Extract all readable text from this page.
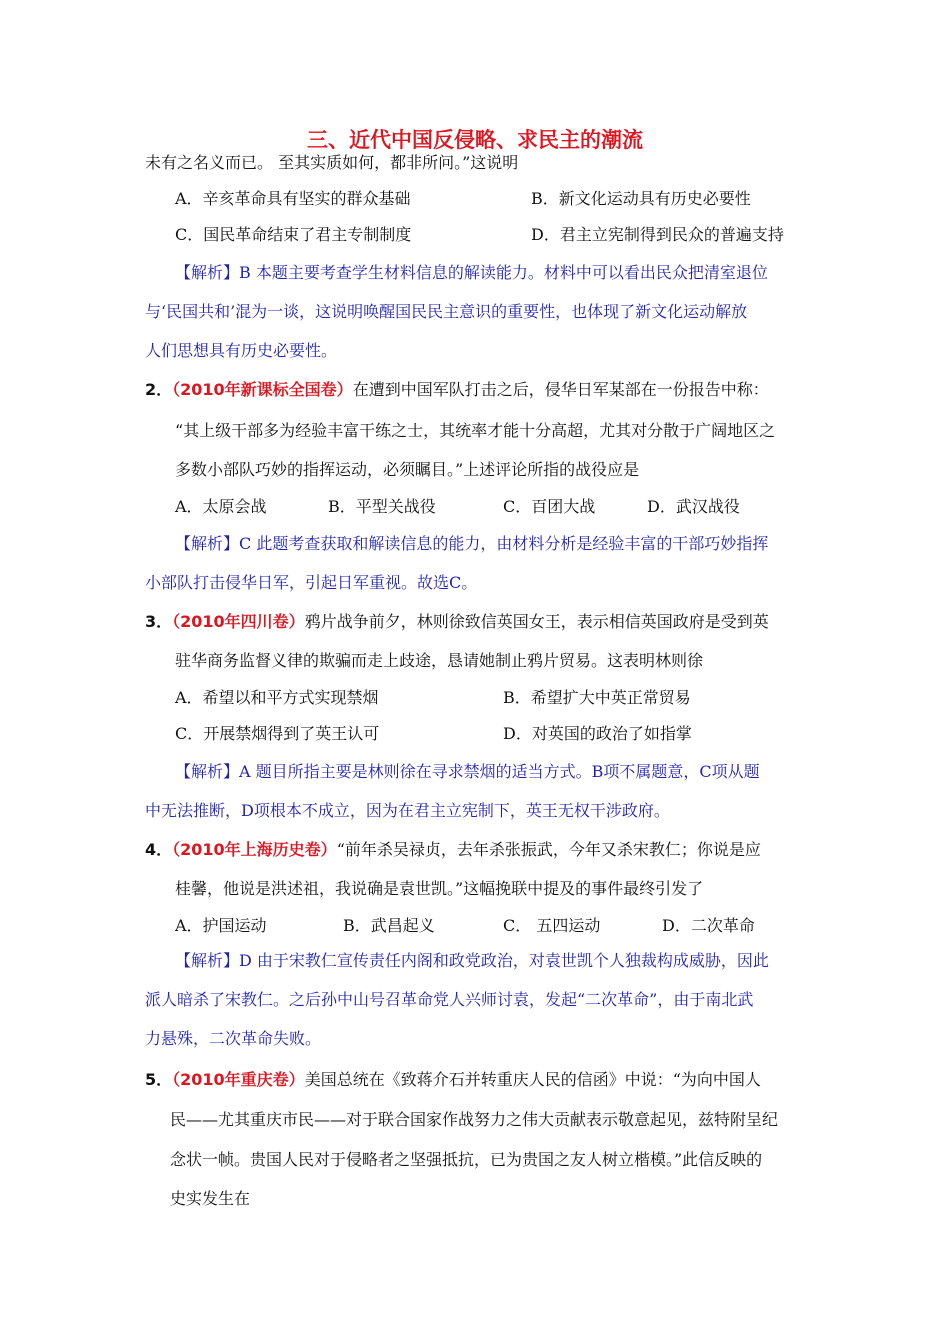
三、近代中国反侵略、求民主的潮流
未有之名义而已。 至其实质如何，都非所问。”这说明
A．辛亥革命具有坚实的群众基础	B．新文化运动具有历史必要性
C．国民革命结束了君主专制制度	D．君主立宪制得到民众的普遍支持
【解析】B 本题主要考查学生材料信息的解读能力。材料中可以看出民众把清室退位
与‘民国共和’混为一谈，这说明唤醒国民民主意识的重要性，也体现了新文化运动解放
人们思想具有历史必要性。
2．（2010年新课标全国卷）在遭到中国军队打击之后，侵华日军某部在一份报告中称：
“其上级干部多为经验丰富干练之士，其统率才能十分高超，尤其对分散于广阔地区之
多数小部队巧妙的指挥运动，必须瞩目。”上述评论所指的战役应是
A．太原会战	B．平型关战役	C．百团大战	D．武汉战役
【解析】C 此题考查获取和解读信息的能力，由材料分析是经验丰富的干部巧妙指挥
小部队打击侵华日军，引起日军重视。故选C。
3．（2010年四川卷）鸦片战争前夕，林则徐致信英国女王，表示相信英国政府是受到英
驻华商务监督义律的欺骗而走上歧途，恳请她制止鸦片贸易。这表明林则徐
A．希望以和平方式实现禁烟	B．希望扩大中英正常贸易
C．开展禁烟得到了英王认可	D．对英国的政治了如指掌
【解析】A 题目所指主要是林则徐在寻求禁烟的适当方式。B项不属题意，C项从题
中无法推断，D项根本不成立，因为在君主立宪制下，英王无权干涉政府。
4．（2010年上海历史卷）“前年杀吴禄贞，去年杀张振武，今年又杀宋教仁；你说是应
桂馨，他说是洪述祖，我说确是袁世凯。”这幅挽联中提及的事件最终引发了
A．护国运动	B．武昌起义	C． 五四运动	D．二次革命
【解析】D 由于宋教仁宣传责任内阁和政党政治，对袁世凯个人独裁构成威胁，因此
派人暗杀了宋教仁。之后孙中山号召革命党人兴师讨袁，发起“二次革命”，由于南北武
力悬殊，二次革命失败。
5．（2010年重庆卷）美国总统在《致蒋介石并转重庆人民的信函》中说：“为向中国人
民——尤其重庆市民——对于联合国家作战努力之伟大贡献表示敬意起见，兹特附呈纪
念状一帧。贵国人民对于侵略者之坚强抵抗，已为贵国之友人树立楷模。”此信反映的
史实发生在
